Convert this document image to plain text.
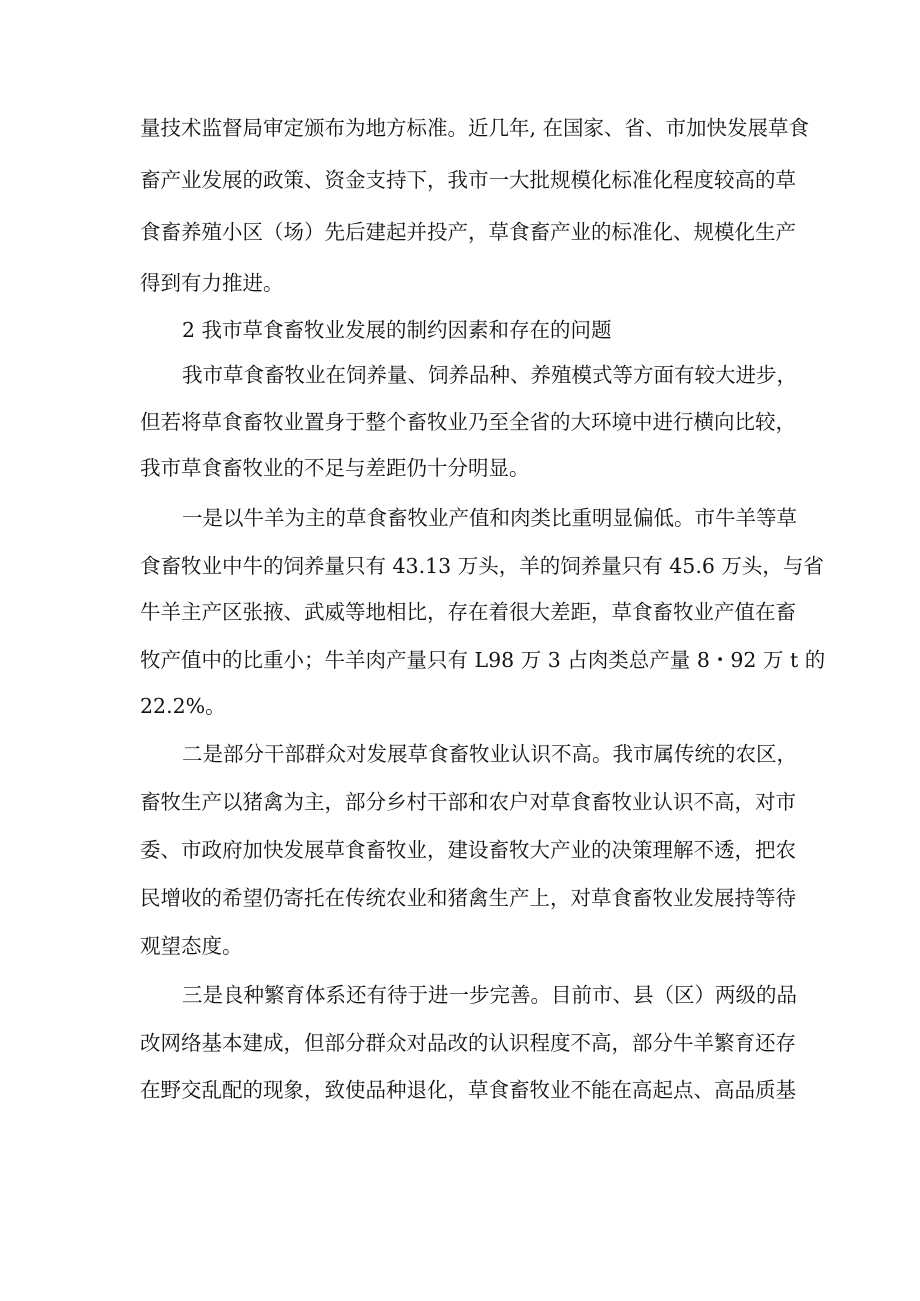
量技术监督局审定颁布为地方标准。近几年, 在国家、省、市加快发展草食
畜产业发展的政策、资金支持下，我市一大批规模化标准化程度较高的草
食畜养殖小区（场）先后建起并投产，草食畜产业的标准化、规模化生产
得到有力推进。
2 我市草食畜牧业发展的制约因素和存在的问题
我市草食畜牧业在饲养量、饲养品种、养殖模式等方面有较大进步，
但若将草食畜牧业置身于整个畜牧业乃至全省的大环境中进行横向比较，
我市草食畜牧业的不足与差距仍十分明显。
一是以牛羊为主的草食畜牧业产值和肉类比重明显偏低。市牛羊等草
食畜牧业中牛的饲养量只有 43.13 万头，羊的饲养量只有 45.6 万头，与省
牛羊主产区张掖、武威等地相比，存在着很大差距，草食畜牧业产值在畜
牧产值中的比重小；牛羊肉产量只有 L98 万 3 占肉类总产量 8・92 万 t 的
22.2%。
二是部分干部群众对发展草食畜牧业认识不高。我市属传统的农区，
畜牧生产以猪禽为主，部分乡村干部和农户对草食畜牧业认识不高，对市
委、市政府加快发展草食畜牧业，建设畜牧大产业的决策理解不透，把农
民增收的希望仍寄托在传统农业和猪禽生产上，对草食畜牧业发展持等待
观望态度。
三是良种繁育体系还有待于进一步完善。目前市、县（区）两级的品
改网络基本建成，但部分群众对品改的认识程度不高，部分牛羊繁育还存
在野交乱配的现象，致使品种退化，草食畜牧业不能在高起点、高品质基
